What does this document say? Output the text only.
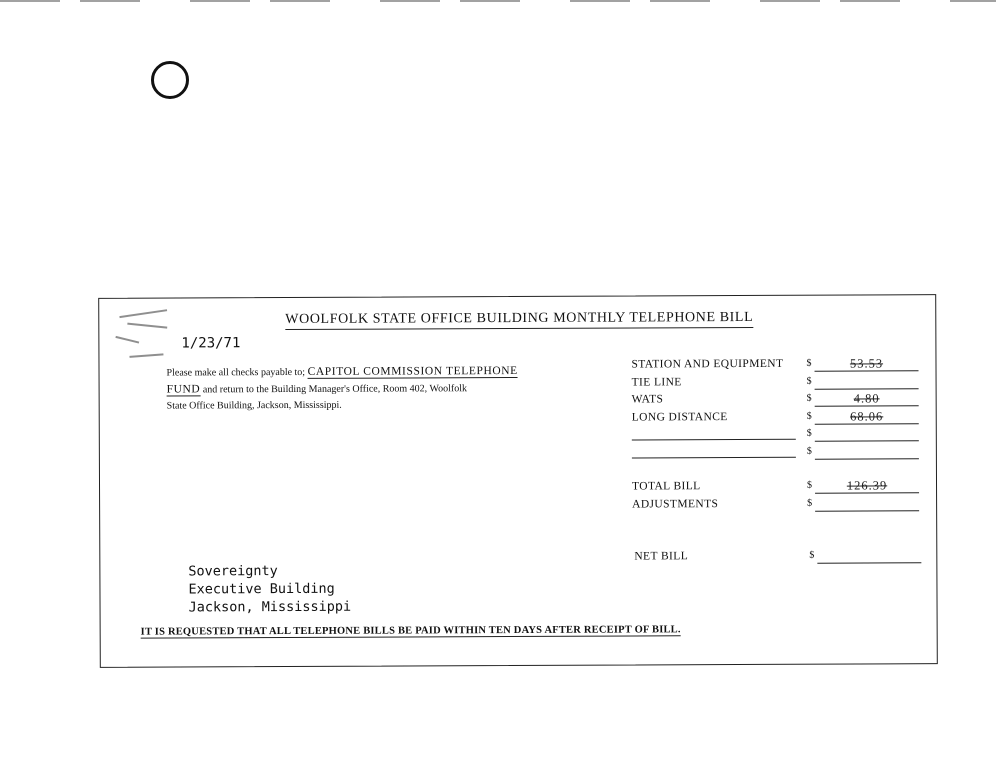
WOOLFOLK STATE OFFICE BUILDING MONTHLY TELEPHONE BILL
1/23/71
Please make all checks payable to; CAPITOL COMMISSION TELEPHONE
FUND and return to the Building Manager's Office, Room 402, Woolfolk
State Office Building, Jackson, Mississippi.
STATION AND EQUIPMENT $	53.53
TIE LINE	$
WATS	$	4.80
LONG DISTANCE	$	68.06
$
$
TOTAL BILL	$	126.39
ADJUSTMENTS	$
NET BILL	$
Sovereignty
Executive Building
Jackson, Mississippi
IT IS REQUESTED THAT ALL TELEPHONE BILLS BE PAID WITHIN TEN DAYS AFTER RECEIPT OF BILL.
